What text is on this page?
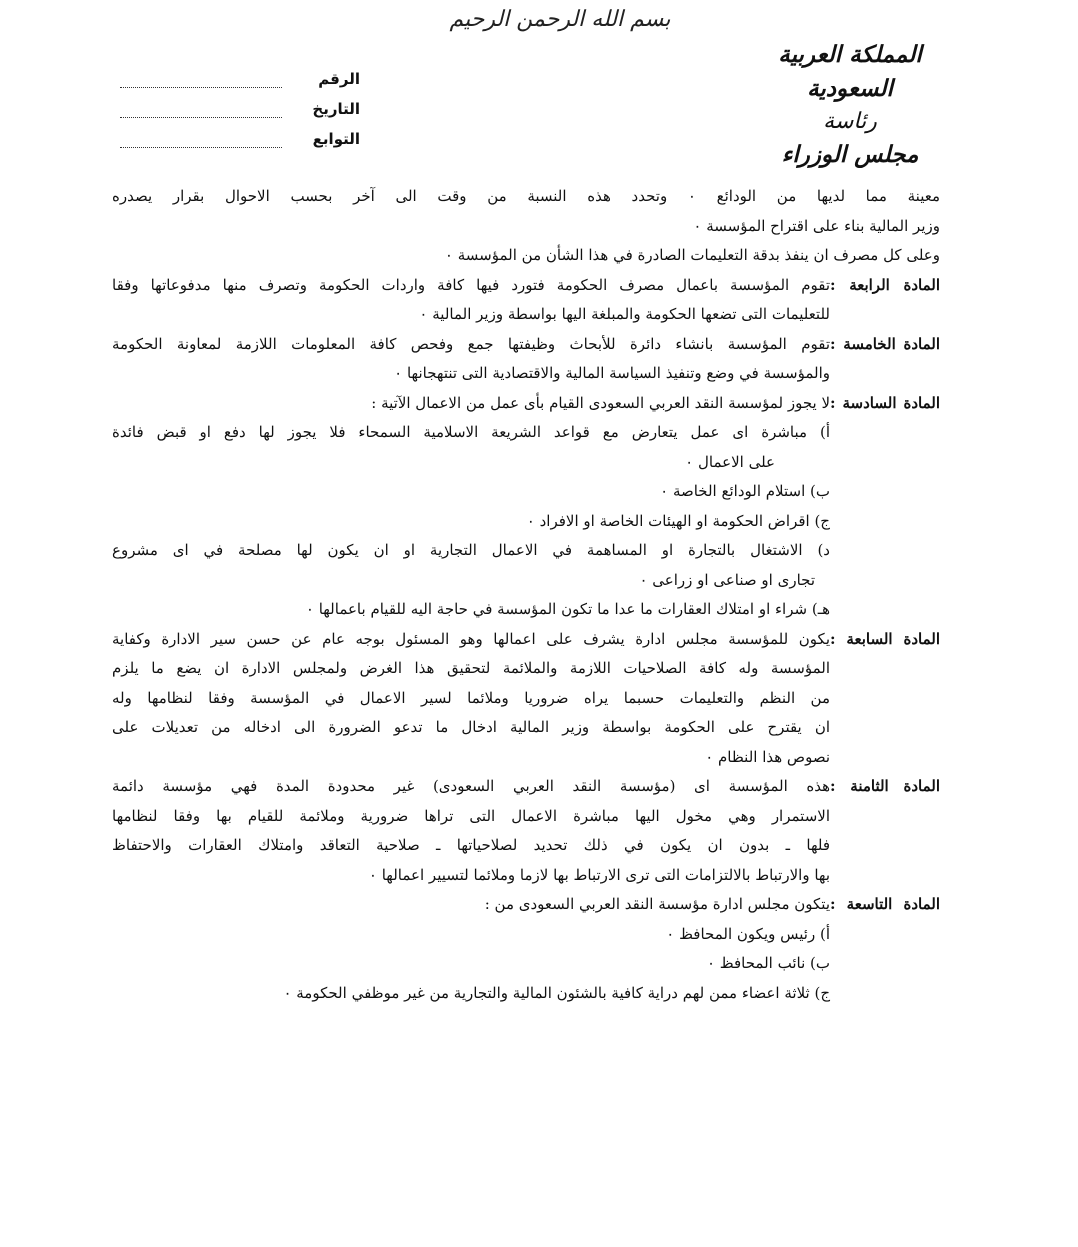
بسم الله الرحمن الرحيم
المملكة العربية السعودية
رئاسة
مجلس الوزراء
الرقم
التاريخ
التوابع
معينة مما لديها من الودائع ٠ وتحدد هذه النسبة من وقت الى آخر بحسب الاحوال بقرار يصدره
وزير المالية بناء على اقتراح المؤسسة ٠
وعلى كل مصرف ان ينفذ بدقة التعليمات الصادرة في هذا الشأن من المؤسسة ٠
المادة الرابعة :
تقوم المؤسسة باعمال مصرف الحكومة فتورد فيها كافة واردات الحكومة وتصرف منها مدفوعاتها وفقا
للتعليمات التى تضعها الحكومة والمبلغة اليها بواسطة وزير المالية ٠
المادة الخامسة :
تقوم المؤسسة بانشاء دائرة للأبحاث وظيفتها جمع وفحص كافة المعلومات اللازمة لمعاونة الحكومة
والمؤسسة في وضع وتنفيذ السياسة المالية والاقتصادية التى تنتهجانها ٠
المادة السادسة :
لا يجوز لمؤسسة النقد العربي السعودى القيام بأى عمل من الاعمال الآتية :
أ) مباشرة اى عمل يتعارض مع قواعد الشريعة الاسلامية السمحاء فلا يجوز لها دفع او قبض فائدة
على الاعمال ٠
ب) استلام الودائع الخاصة ٠
ج) اقراض الحكومة او الهيئات الخاصة او الافراد ٠
د) الاشتغال بالتجارة او المساهمة في الاعمال التجارية او ان يكون لها مصلحة في اى مشروع
تجارى او صناعى او زراعى ٠
هـ) شراء او امتلاك العقارات ما عدا ما تكون المؤسسة في حاجة اليه للقيام باعمالها ٠
المادة السابعة :
يكون للمؤسسة مجلس ادارة يشرف على اعمالها وهو المسئول بوجه عام عن حسن سير الادارة وكفاية
المؤسسة وله كافة الصلاحيات اللازمة والملائمة لتحقيق هذا الغرض ولمجلس الادارة ان يضع ما يلزم
من النظم والتعليمات حسبما يراه ضروريا وملائما لسير الاعمال في المؤسسة وفقا لنظامها وله
ان يقترح على الحكومة بواسطة وزير المالية ادخال ما تدعو الضرورة الى ادخاله من تعديلات على
نصوص هذا النظام ٠
المادة الثامنة :
هذه المؤسسة اى (مؤسسة النقد العربي السعودى) غير محدودة المدة فهي مؤسسة دائمة
الاستمرار وهي مخول اليها مباشرة الاعمال التى تراها ضرورية وملائمة للقيام بها وفقا لنظامها
فلها ـ بدون ان يكون في ذلك تحديد لصلاحياتها ـ صلاحية التعاقد وامتلاك العقارات والاحتفاظ
بها والارتباط بالالتزامات التى ترى الارتباط بها لازما وملائما لتسيير اعمالها ٠
المادة التاسعة :
يتكون مجلس ادارة مؤسسة النقد العربي السعودى من :
أ) رئيس ويكون المحافظ ٠
ب) نائب المحافظ ٠
ج) ثلاثة اعضاء ممن لهم دراية كافية بالشئون المالية والتجارية من غير موظفي الحكومة ٠
